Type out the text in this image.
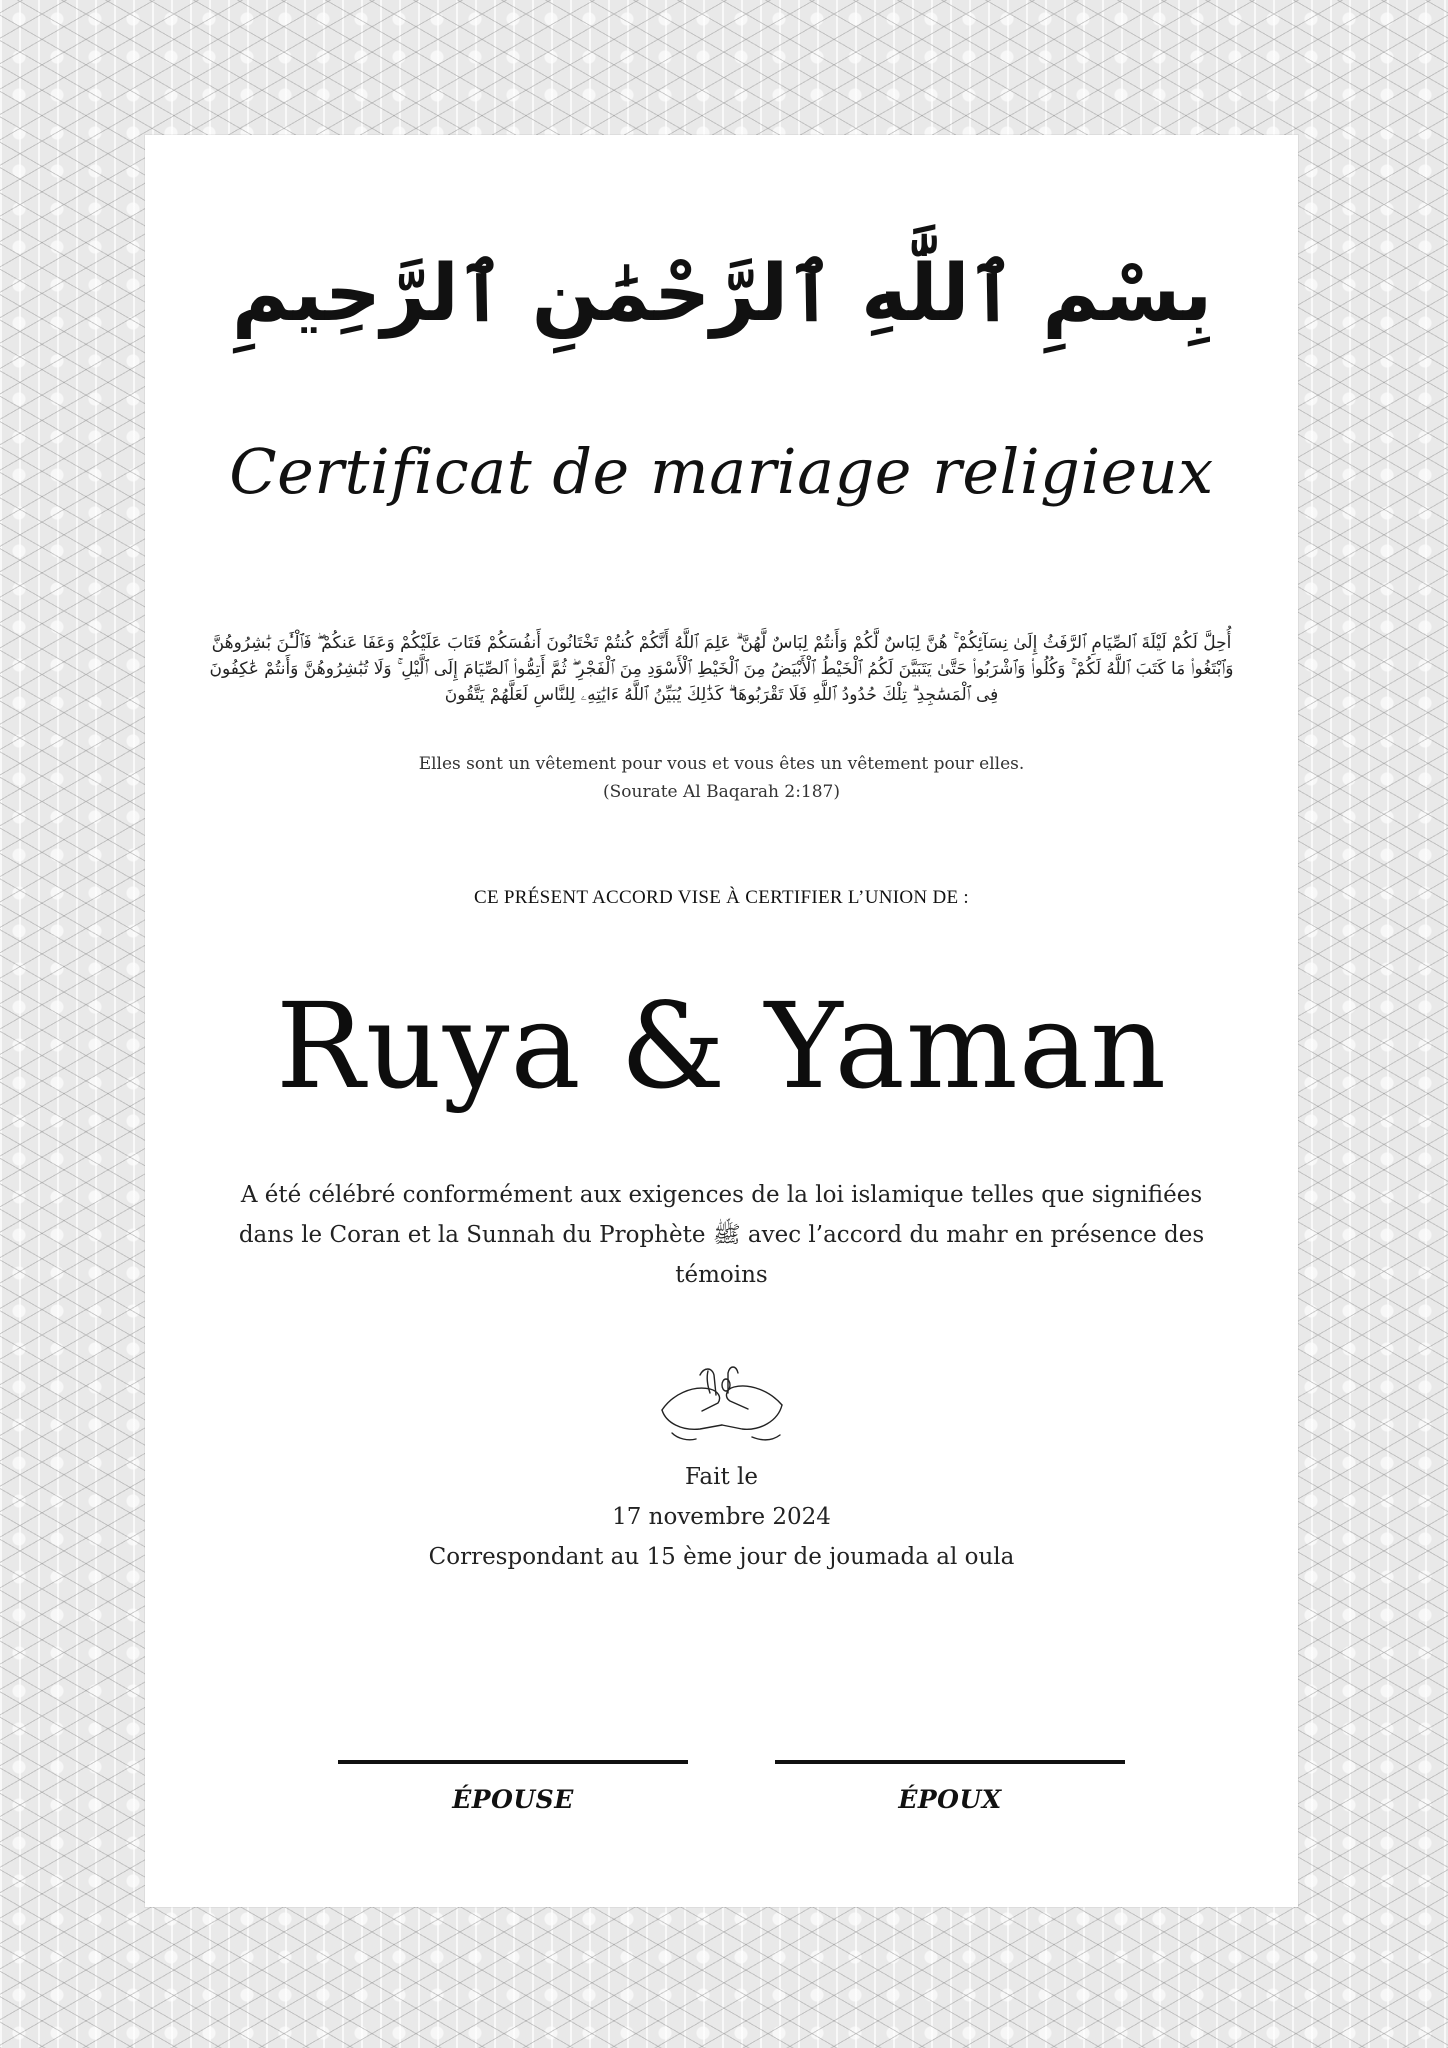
بِسْمِ ٱللَّٰهِ ٱلرَّحْمَٰنِ ٱلرَّحِيمِ
Certificat de mariage religieux
أُحِلَّ لَكُمْ لَيْلَةَ ٱلصِّيَامِ ٱلرَّفَثُ إِلَىٰ نِسَآئِكُمْ ۚ هُنَّ لِبَاسٌ لَّكُمْ وَأَنتُمْ لِبَاسٌ لَّهُنَّ ۗ عَلِمَ ٱللَّهُ أَنَّكُمْ كُنتُمْ تَخْتَانُونَ أَنفُسَكُمْ فَتَابَ عَلَيْكُمْ وَعَفَا عَنكُمْ ۖ فَٱلْـَٰٔنَ بَٰشِرُوهُنَّ وَٱبْتَغُوا۟ مَا كَتَبَ ٱللَّهُ لَكُمْ ۚ وَكُلُوا۟ وَٱشْرَبُوا۟ حَتَّىٰ يَتَبَيَّنَ لَكُمُ ٱلْخَيْطُ ٱلْأَبْيَضُ مِنَ ٱلْخَيْطِ ٱلْأَسْوَدِ مِنَ ٱلْفَجْرِ ۖ ثُمَّ أَتِمُّوا۟ ٱلصِّيَامَ إِلَى ٱلَّيْلِ ۚ وَلَا تُبَٰشِرُوهُنَّ وَأَنتُمْ عَٰكِفُونَ فِى ٱلْمَسَٰجِدِ ۗ تِلْكَ حُدُودُ ٱللَّهِ فَلَا تَقْرَبُوهَا ۗ كَذَٰلِكَ يُبَيِّنُ ٱللَّهُ ءَايَٰتِهِۦ لِلنَّاسِ لَعَلَّهُمْ يَتَّقُونَ
Elles sont un vêtement pour vous et vous êtes un vêtement pour elles.
(Sourate Al Baqarah 2:187)
CE PRÉSENT ACCORD VISE À CERTIFIER L’UNION DE :
Ruya & Yaman
A été célébré conformément aux exigences de la loi islamique telles que signifiées dans le Coran et la Sunnah du Prophète ﷺ avec l’accord du mahr en présence des témoins
Fait le
17 novembre 2024
Correspondant au 15 ème jour de joumada al oula
ÉPOUSE	ÉPOUX
